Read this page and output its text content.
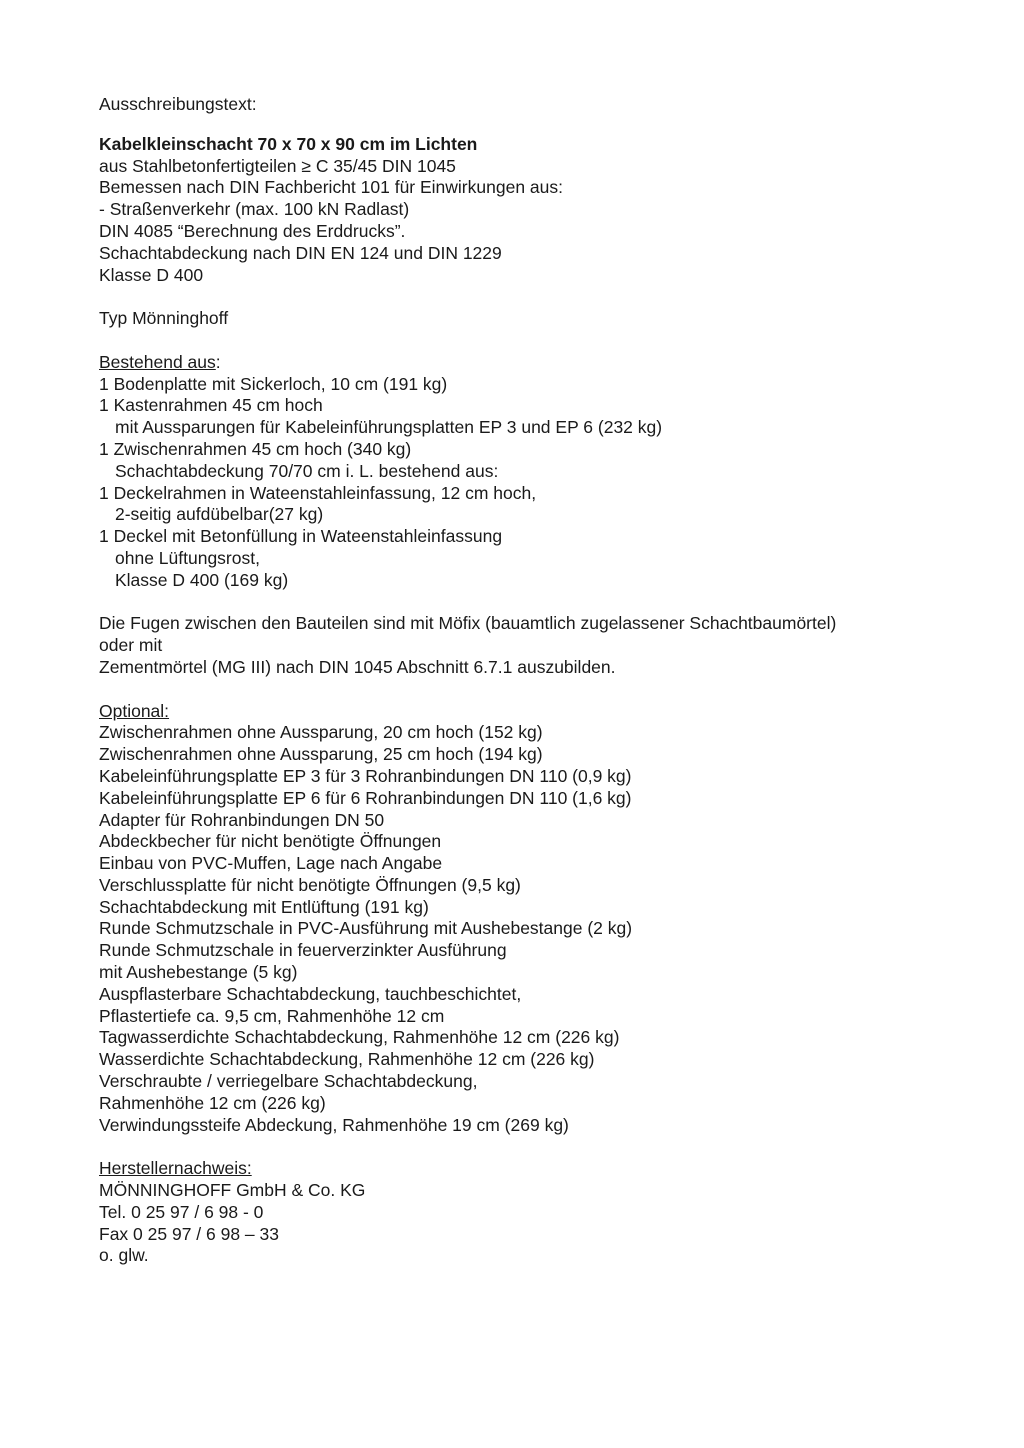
Ausschreibungstext:
Kabelkleinschacht 70 x 70 x 90 cm im Lichten
aus Stahlbetonfertigteilen ≥ C 35/45 DIN 1045
Bemessen nach DIN Fachbericht 101 für Einwirkungen aus:
- Straßenverkehr (max. 100 kN Radlast)
DIN 4085 “Berechnung des Erddrucks”.
Schachtabdeckung nach DIN EN 124 und DIN 1229
Klasse D 400
Typ Mönninghoff
Bestehend aus:
1 Bodenplatte mit Sickerloch, 10 cm (191 kg)
1 Kastenrahmen 45 cm hoch
mit Aussparungen für Kabeleinführungsplatten EP 3 und EP 6 (232 kg)
1 Zwischenrahmen 45 cm hoch (340 kg)
Schachtabdeckung 70/70 cm i. L. bestehend aus:
1 Deckelrahmen in Wateenstahleinfassung, 12 cm hoch,
2-seitig aufdübelbar(27 kg)
1 Deckel mit Betonfüllung in Wateenstahleinfassung
ohne Lüftungsrost,
Klasse D 400 (169 kg)
Die Fugen zwischen den Bauteilen sind mit Möfix (bauamtlich zugelassener Schachtbaumörtel)
oder mit
Zementmörtel (MG III) nach DIN 1045 Abschnitt 6.7.1 auszubilden.
Optional:
Zwischenrahmen ohne Aussparung, 20 cm hoch (152 kg)
Zwischenrahmen ohne Aussparung, 25 cm hoch (194 kg)
Kabeleinführungsplatte EP 3 für 3 Rohranbindungen DN 110 (0,9 kg)
Kabeleinführungsplatte EP 6 für 6 Rohranbindungen DN 110 (1,6 kg)
Adapter für Rohranbindungen DN 50
Abdeckbecher für nicht benötigte Öffnungen
Einbau von PVC-Muffen, Lage nach Angabe
Verschlussplatte für nicht benötigte Öffnungen (9,5 kg)
Schachtabdeckung mit Entlüftung (191 kg)
Runde Schmutzschale in PVC-Ausführung mit Aushebestange (2 kg)
Runde Schmutzschale in feuerverzinkter Ausführung
mit Aushebestange (5 kg)
Auspflasterbare Schachtabdeckung, tauchbeschichtet,
Pflastertiefe ca. 9,5 cm, Rahmenhöhe 12 cm
Tagwasserdichte Schachtabdeckung, Rahmenhöhe 12 cm (226 kg)
Wasserdichte Schachtabdeckung, Rahmenhöhe 12 cm (226 kg)
Verschraubte / verriegelbare Schachtabdeckung,
Rahmenhöhe 12 cm (226 kg)
Verwindungssteife Abdeckung, Rahmenhöhe 19 cm (269 kg)
Herstellernachweis:
MÖNNINGHOFF GmbH & Co. KG
Tel. 0 25 97 / 6 98 - 0
Fax 0 25 97 / 6 98 – 33
o. glw.
